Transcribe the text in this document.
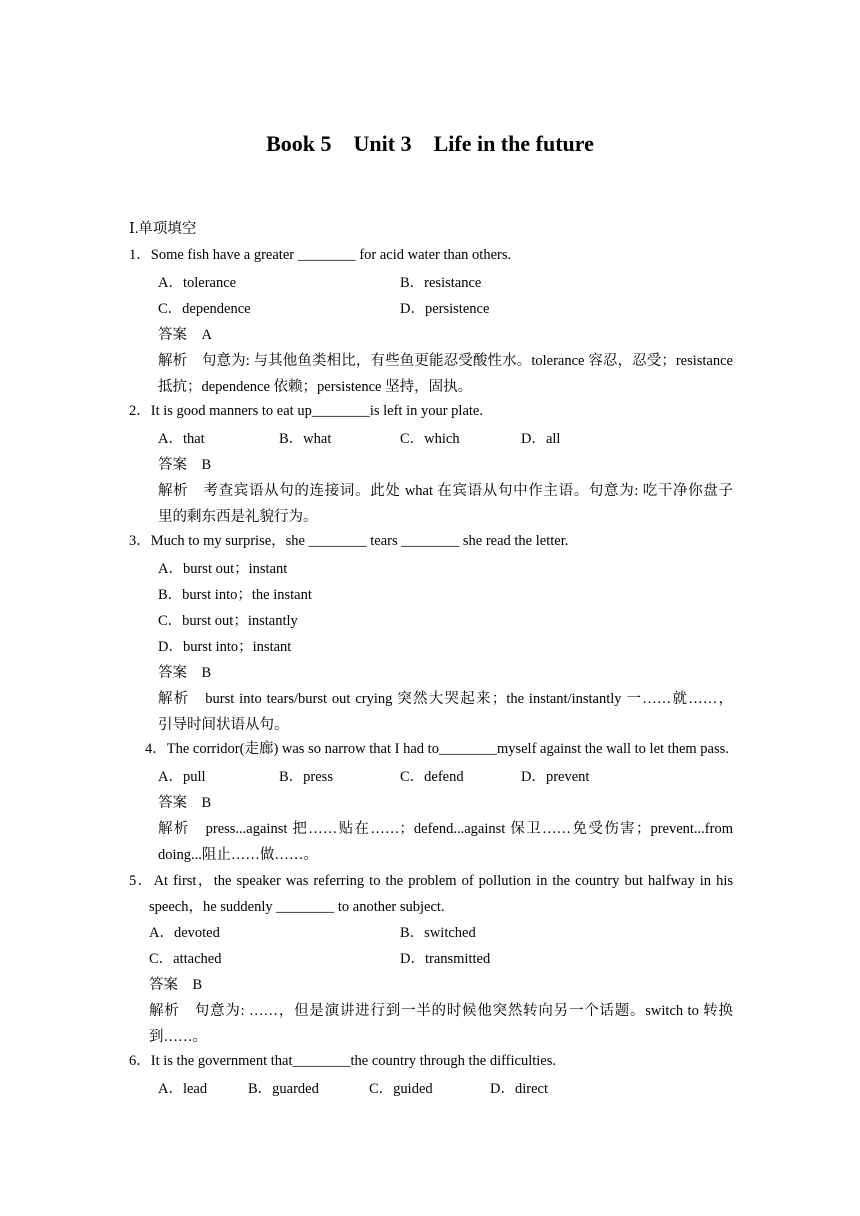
Book 5    Unit 3    Life in the future
Ⅰ.单项填空
1．Some fish have a greater ________ for acid water than others.
A．tolerance	B．resistance
C．dependence	D．persistence
答案　A
解析　句意为: 与其他鱼类相比，有些鱼更能忍受酸性水。tolerance 容忍，忍受；resistance
抵抗；dependence 依赖；persistence 坚持，固执。
2．It is good manners to eat up________is left in your plate.
A．that	B．what	C．which	D．all
答案　B
解析　考查宾语从句的连接词。此处 what 在宾语从句中作主语。句意为: 吃干净你盘子
里的剩东西是礼貌行为。
3．Much to my surprise，she ________ tears ________ she read the letter.
A．burst out；instant
B．burst into；the instant
C．burst out；instantly
D．burst into；instant
答案　B
解析　burst into tears/burst out crying 突然大哭起来；the instant/instantly 一……就……，
引导时间状语从句。
4．The corridor(走廊) was so narrow that I had to________myself against the wall to let them pass.
A．pull	B．press	C．defend	D．prevent
答案　B
解析　press...against 把……贴在……；defend...against 保卫……免受伤害；prevent...from
doing...阻止……做……。
5．At first，the speaker was referring to the problem of pollution in the country but halfway in his
speech，he suddenly ________ to another subject.
A．devoted	B．switched
C．attached	D．transmitted
答案　B
解析　句意为: ……，但是演讲进行到一半的时候他突然转向另一个话题。switch to 转换
到……。
6．It is the government that________the country through the difficulties.
A．lead	B．guarded	C．guided	D．direct
